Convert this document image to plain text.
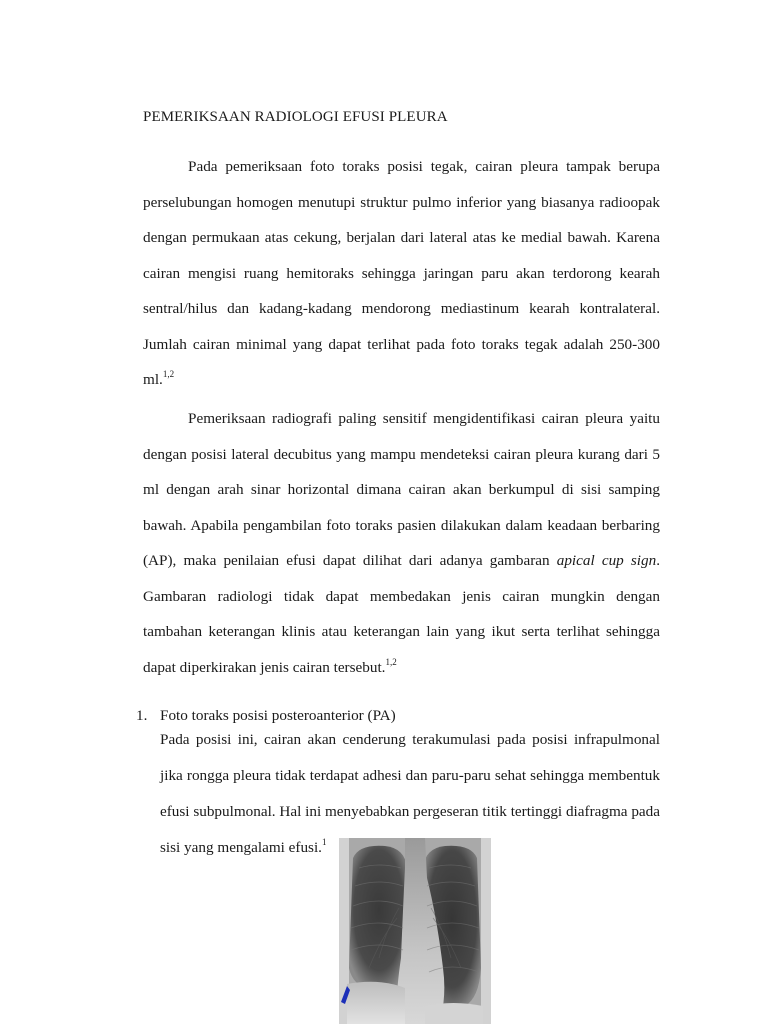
PEMERIKSAAN RADIOLOGI EFUSI PLEURA

Pada pemeriksaan foto toraks posisi tegak, cairan pleura tampak berupa perselubungan homogen menutupi struktur pulmo inferior yang biasanya radioopak dengan permukaan atas cekung, berjalan dari lateral atas ke medial bawah. Karena cairan mengisi ruang hemitoraks sehingga jaringan paru akan terdorong kearah sentral/hilus dan kadang-kadang mendorong mediastinum kearah kontralateral. Jumlah cairan minimal yang dapat terlihat pada foto toraks tegak adalah 250-300 ml.$^{1,2}$

Pemeriksaan radiografi paling sensitif mengidentifikasi cairan pleura yaitu dengan posisi lateral decubitus yang mampu mendeteksi cairan pleura kurang dari 5 ml dengan arah sinar horizontal dimana cairan akan berkumpul di sisi samping bawah. Apabila pengambilan foto toraks pasien dilakukan dalam keadaan berbaring (AP), maka penilaian efusi dapat dilihat dari adanya gambaran apical cup sign. Gambaran radiologi tidak dapat membedakan jenis cairan mungkin dengan tambahan keterangan klinis atau keterangan lain yang ikut serta terlihat sehingga dapat diperkirakan jenis cairan tersebut.$^{1,2}$

1. Foto toraks posisi posteroanterior (PA)

Pada posisi ini, cairan akan cenderung terakumulasi pada posisi infrapulmonal jika rongga pleura tidak terdapat adhesi dan paru-paru sehat sehingga membentuk efusi subpulmonal. Hal ini menyebabkan pergeseran titik tertinggi diafragma pada sisi yang mengalami efusi.$^1$
